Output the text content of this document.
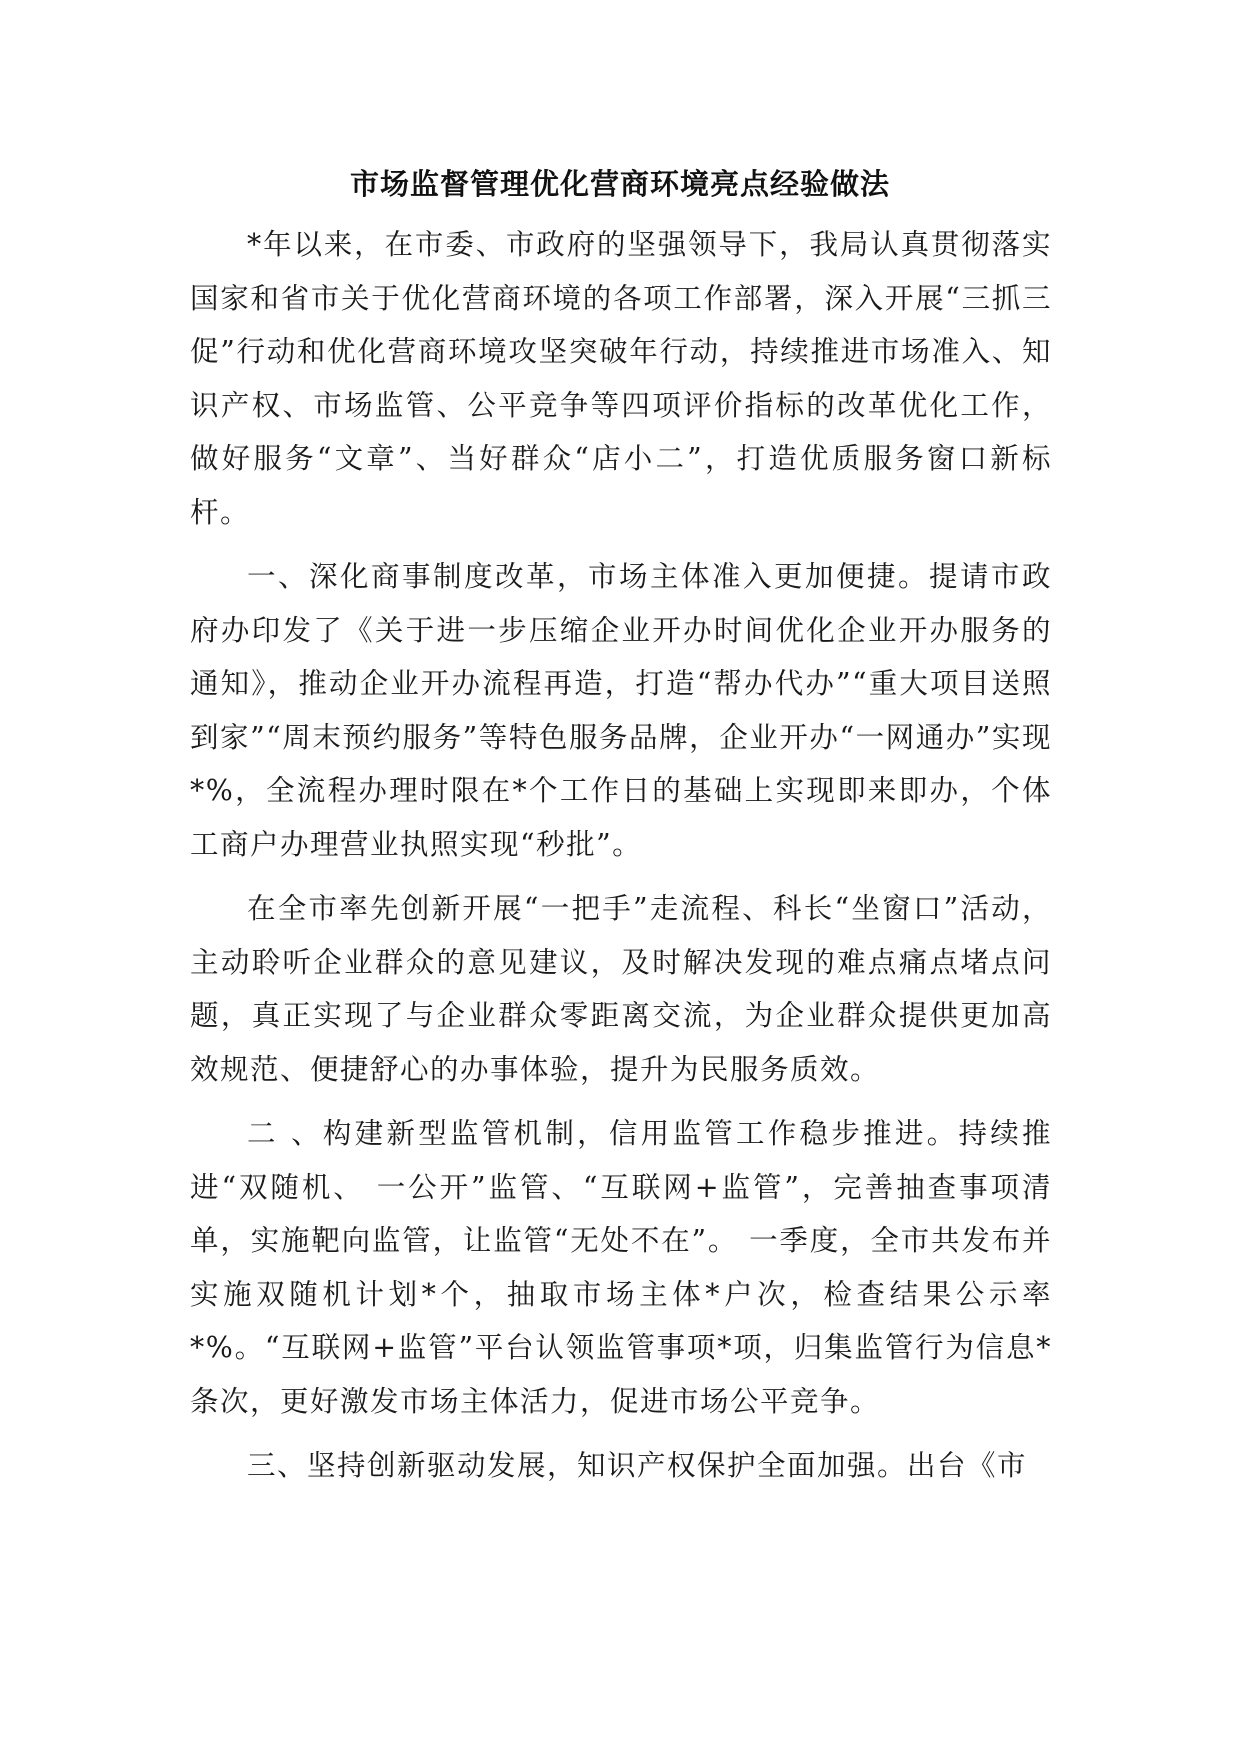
市场监督管理优化营商环境亮点经验做法

*年以来，在市委、市政府的坚强领导下，我局认真贯彻落实国家和省市关于优化营商环境的各项工作部署，深入开展“三抓三促”行动和优化营商环境攻坚突破年行动，持续推进市场准入、知识产权、市场监管、公平竞争等四项评价指标的改革优化工作，做好服务“文章”、当好群众“店小二”，打造优质服务窗口新标杆。

一、深化商事制度改革，市场主体准入更加便捷。提请市政府办印发了《关于进一步压缩企业开办时间优化企业开办服务的通知》，推动企业开办流程再造，打造“帮办代办”“重大项目送照到家”“周末预约服务”等特色服务品牌，企业开办“一网通办”实现*%，全流程办理时限在*个工作日的基础上实现即来即办，个体工商户办理营业执照实现“秒批”。

在全市率先创新开展“一把手”走流程、科长“坐窗口”活动，主动聆听企业群众的意见建议，及时解决发现的难点痛点堵点问题，真正实现了与企业群众零距离交流，为企业群众提供更加高效规范、便捷舒心的办事体验，提升为民服务质效。

二 、构建新型监管机制，信用监管工作稳步推进。持续推进“双随机、 一公开”监管、“互联网+监管”，完善抽查事项清单，实施靶向监管，让监管“无处不在”。 一季度，全市共发布并实施双随机计划*个，抽取市场主体*户次，检查结果公示率*%。“互联网+监管”平台认领监管事项*项，归集监管行为信息*条次，更好激发市场主体活力，促进市场公平竞争。

三、坚持创新驱动发展，知识产权保护全面加强。出台《市
